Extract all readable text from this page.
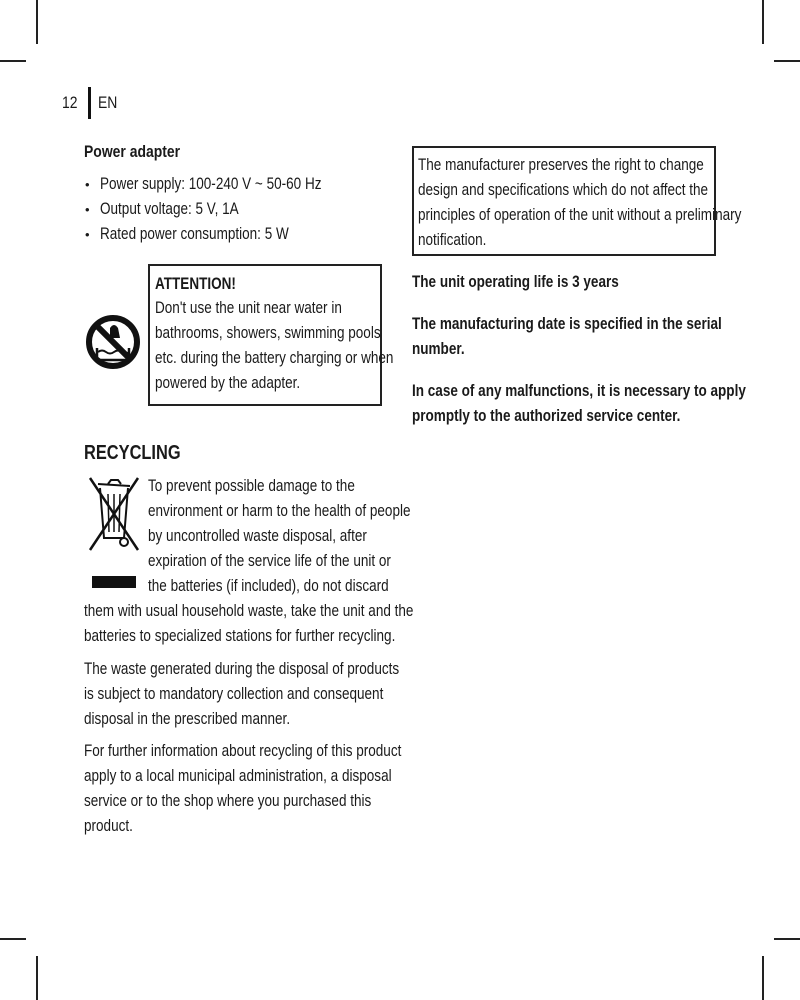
12 EN
Power adapter
• Power supply: 100-240 V ~ 50-60 Hz
• Output voltage: 5 V, 1A
• Rated power consumption: 5 W
ATTENTION!
Don't use the unit near water in
bathrooms, showers, swimming pools
etc. during the battery charging or when
powered by the adapter.
RECYCLING
To prevent possible damage to the
environment or harm to the health of people
by uncontrolled waste disposal, after
expiration of the service life of the unit or
the batteries (if included), do not discard
them with usual household waste, take the unit and the
batteries to specialized stations for further recycling.
The waste generated during the disposal of products
is subject to mandatory collection and consequent
disposal in the prescribed manner.
For further information about recycling of this product
apply to a local municipal administration, a disposal
service or to the shop where you purchased this
product.
The manufacturer preserves the right to change
design and specifications which do not affect the
principles of operation of the unit without a preliminary
notification.

The unit operating life is 3 years

The manufacturing date is specified in the serial
number.
In case of any malfunctions, it is necessary to apply
promptly to the authorized service center.
